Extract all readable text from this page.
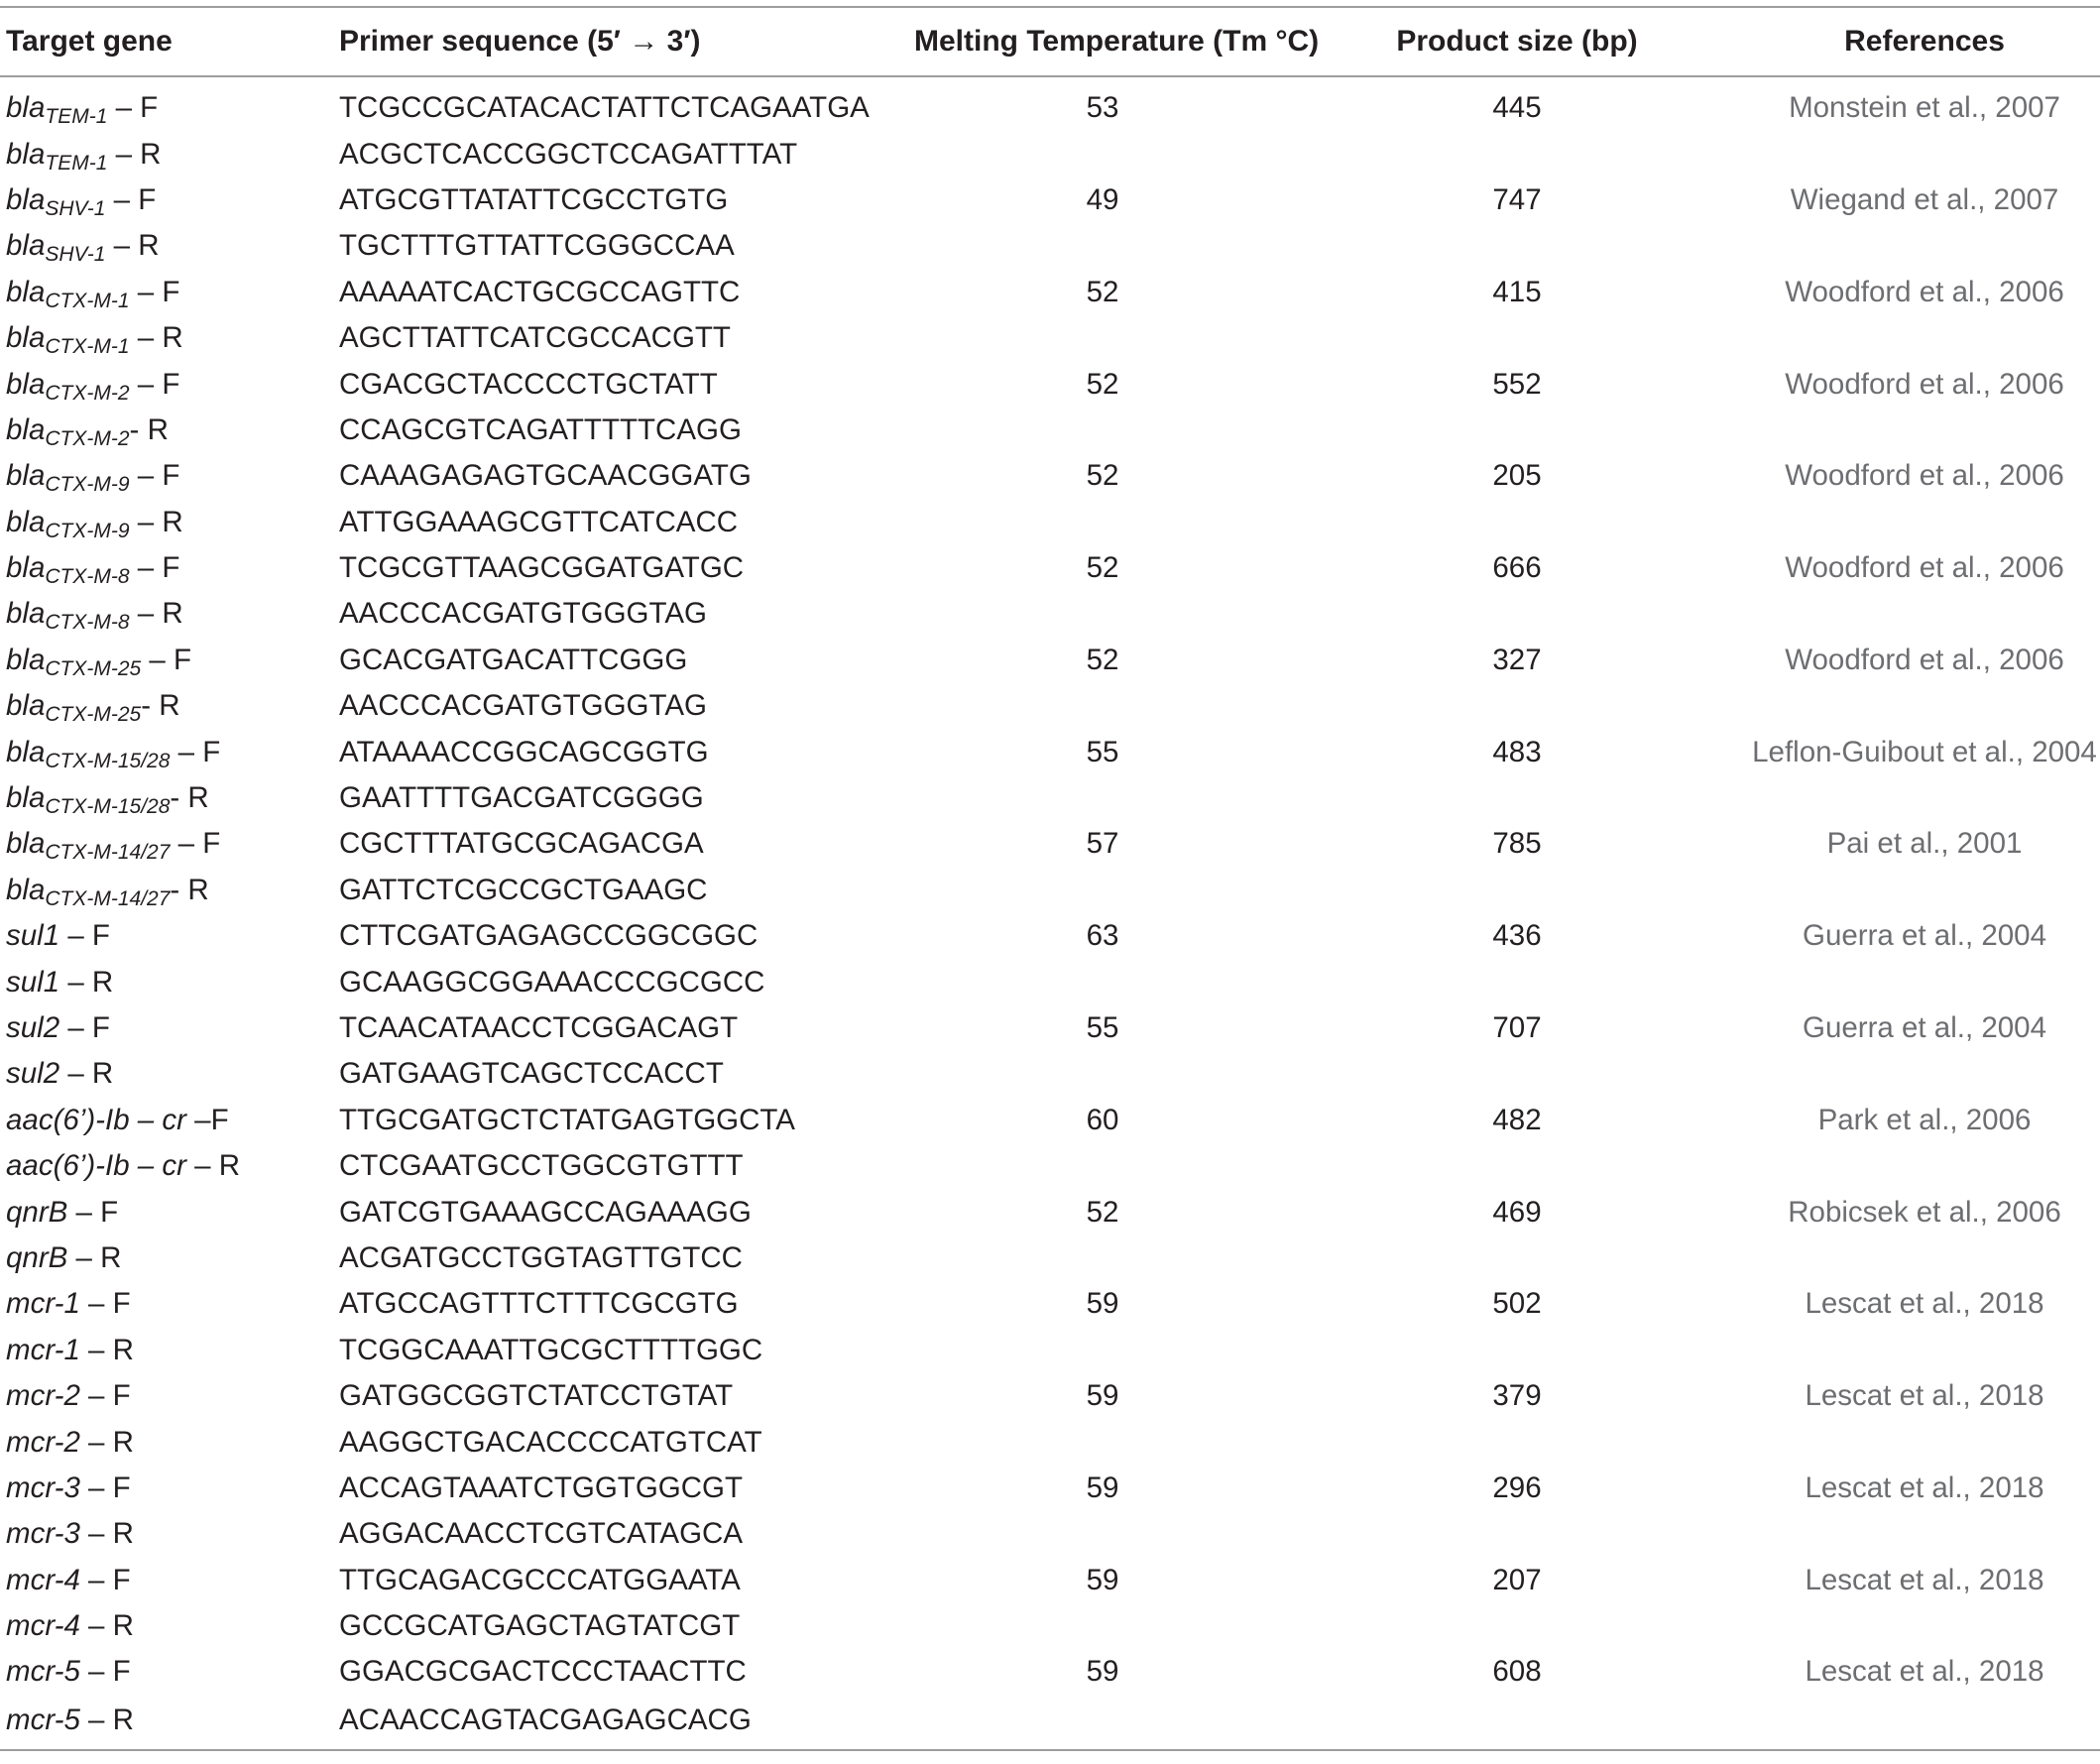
Target gene	Primer sequence (5′ → 3′)	Melting Temperature (Tm °C)	Product size (bp)	References
bla$_{TEM-1}$ – F	TCGCCGCATACACTATTCTCAGAATGA	53	445	Monstein et al., 2007
bla$_{TEM-1}$ – R	ACGCTCACCGGCTCCAGATTTAT			
bla$_{SHV-1}$ – F	ATGCGTTATATTCGCCTGTG	49	747	Wiegand et al., 2007
bla$_{SHV-1}$ – R	TGCTTTGTTATTCGGGCCAA			
bla$_{CTX-M-1}$ – F	AAAAATCACTGCGCCAGTTC	52	415	Woodford et al., 2006
bla$_{CTX-M-1}$ – R	AGCTTATTCATCGCCACGTT			
bla$_{CTX-M-2}$ – F	CGACGCTACCCCTGCTATT	52	552	Woodford et al., 2006
bla$_{CTX-M-2}$- R	CCAGCGTCAGATTTTTCAGG			
bla$_{CTX-M-9}$ – F	CAAAGAGAGTGCAACGGATG	52	205	Woodford et al., 2006
bla$_{CTX-M-9}$ – R	ATTGGAAAGCGTTCATCACC			
bla$_{CTX-M-8}$ – F	TCGCGTTAAGCGGATGATGC	52	666	Woodford et al., 2006
bla$_{CTX-M-8}$ – R	AACCCACGATGTGGGTAG			
bla$_{CTX-M-25}$ – F	GCACGATGACATTCGGG	52	327	Woodford et al., 2006
bla$_{CTX-M-25}$- R	AACCCACGATGTGGGTAG			
bla$_{CTX-M-15/28}$ – F	ATAAAACCGGCAGCGGTG	55	483	Leflon-Guibout et al., 2004
bla$_{CTX-M-15/28}$- R	GAATTTTGACGATCGGGG			
bla$_{CTX-M-14/27}$ – F	CGCTTTATGCGCAGACGA	57	785	Pai et al., 2001
bla$_{CTX-M-14/27}$- R	GATTCTCGCCGCTGAAGC			
sul1 – F	CTTCGATGAGAGCCGGCGGC	63	436	Guerra et al., 2004
sul1 – R	GCAAGGCGGAAACCCGCGCC			
sul2 – F	TCAACATAACCTCGGACAGT	55	707	Guerra et al., 2004
sul2 – R	GATGAAGTCAGCTCCACCT			
aac(6’)-Ib – cr –F	TTGCGATGCTCTATGAGTGGCTA	60	482	Park et al., 2006
aac(6’)-Ib – cr – R	CTCGAATGCCTGGCGTGTTT			
qnrB – F	GATCGTGAAAGCCAGAAAGG	52	469	Robicsek et al., 2006
qnrB – R	ACGATGCCTGGTAGTTGTCC			
mcr-1 – F	ATGCCAGTTTCTTTCGCGTG	59	502	Lescat et al., 2018
mcr-1 – R	TCGGCAAATTGCGCTTTTGGC			
mcr-2 – F	GATGGCGGTCTATCCTGTAT	59	379	Lescat et al., 2018
mcr-2 – R	AAGGCTGACACCCCATGTCAT			
mcr-3 – F	ACCAGTAAATCTGGTGGCGT	59	296	Lescat et al., 2018
mcr-3 – R	AGGACAACCTCGTCATAGCA			
mcr-4 – F	TTGCAGACGCCCATGGAATA	59	207	Lescat et al., 2018
mcr-4 – R	GCCGCATGAGCTAGTATCGT			
mcr-5 – F	GGACGCGACTCCCTAACTTC	59	608	Lescat et al., 2018
mcr-5 – R	ACAACCAGTACGAGAGCACG			
